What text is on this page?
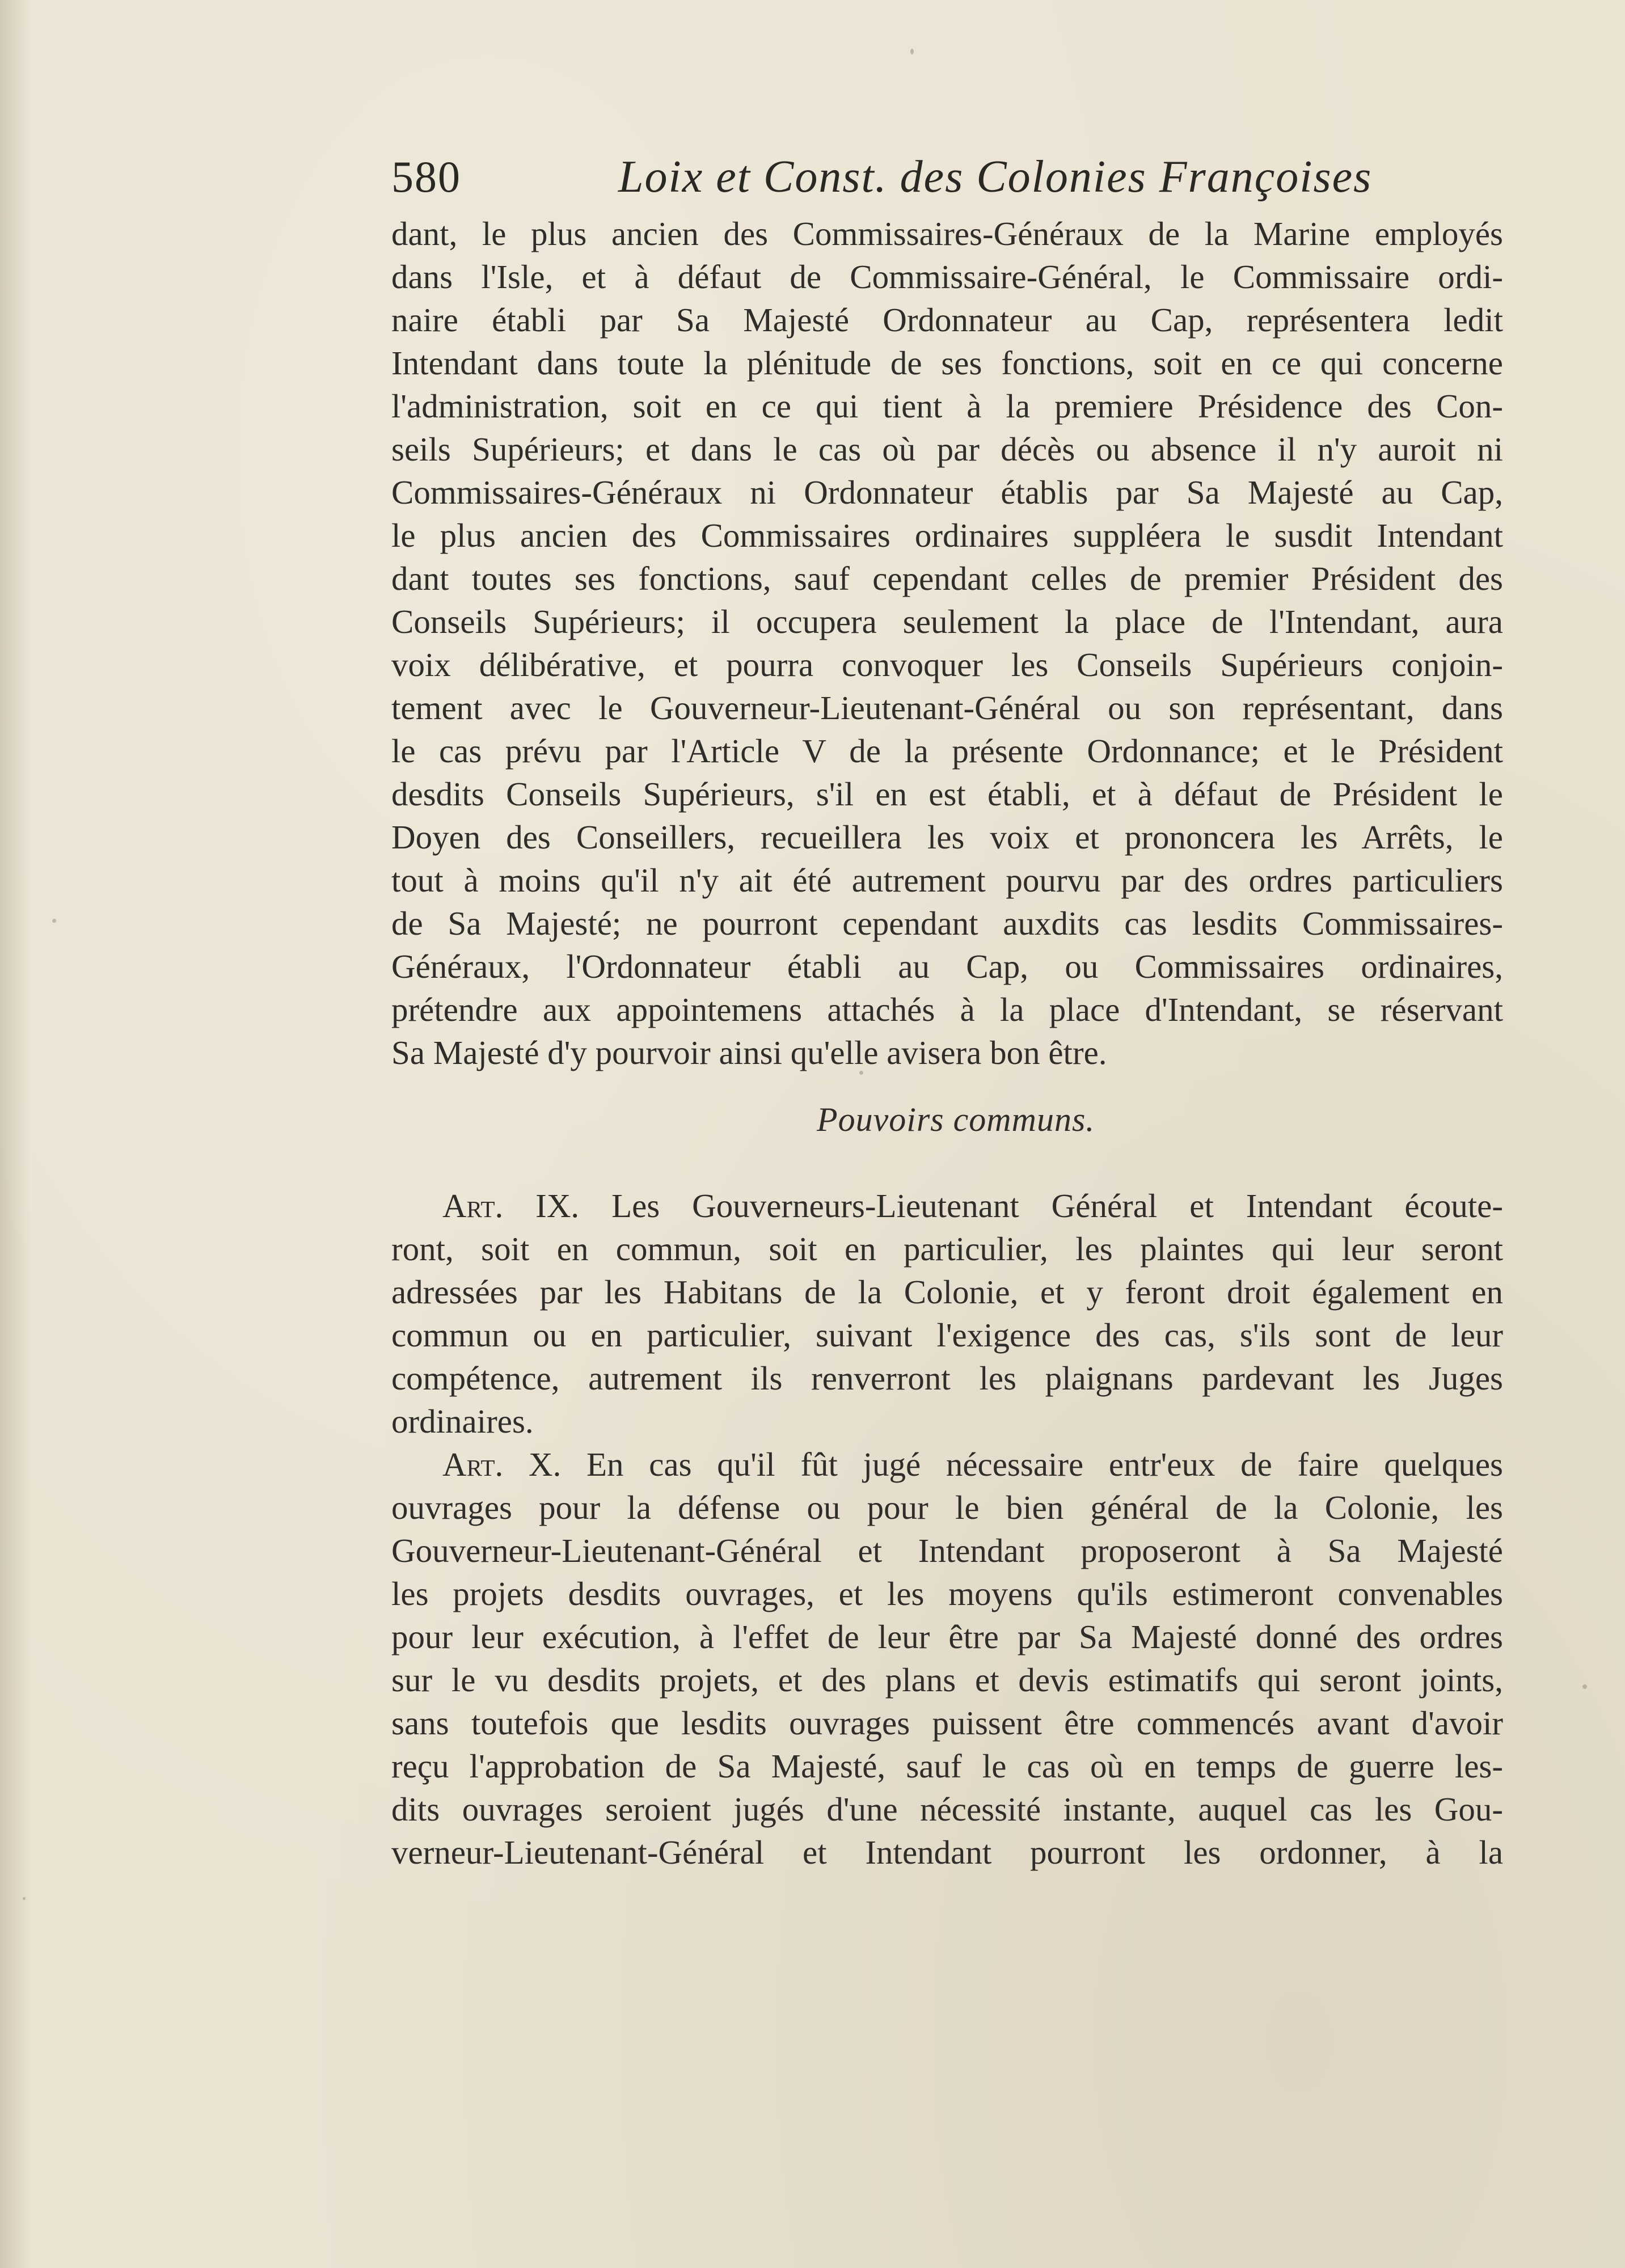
580	Loix et Const. des Colonies Françoises
dant, le plus ancien des Commissaires-Généraux de la Marine employés
dans l'Isle, et à défaut de Commissaire-Général, le Commissaire ordi-
naire établi par Sa Majesté Ordonnateur au Cap, représentera ledit
Intendant dans toute la plénitude de ses fonctions, soit en ce qui concerne
l'administration, soit en ce qui tient à la premiere Présidence des Con-
seils Supérieurs; et dans le cas où par décès ou absence il n'y auroit ni
Commissaires-Généraux ni Ordonnateur établis par Sa Majesté au Cap,
le plus ancien des Commissaires ordinaires suppléera le susdit Intendant
dant toutes ses fonctions, sauf cependant celles de premier Président des
Conseils Supérieurs; il occupera seulement la place de l'Intendant, aura
voix délibérative, et pourra convoquer les Conseils Supérieurs conjoin-
tement avec le Gouverneur-Lieutenant-Général ou son représentant, dans
le cas prévu par l'Article V de la présente Ordonnance; et le Président
desdits Conseils Supérieurs, s'il en est établi, et à défaut de Président le
Doyen des Conseillers, recueillera les voix et prononcera les Arrêts, le
tout à moins qu'il n'y ait été autrement pourvu par des ordres particuliers
de Sa Majesté; ne pourront cependant auxdits cas lesdits Commissaires-
Généraux, l'Ordonnateur établi au Cap, ou Commissaires ordinaires,
prétendre aux appointemens attachés à la place d'Intendant, se réservant
Sa Majesté d'y pourvoir ainsi qu'elle avisera bon être.
Pouvoirs communs.
Art. IX. Les Gouverneurs-Lieutenant Général et Intendant écoute-
ront, soit en commun, soit en particulier, les plaintes qui leur seront
adressées par les Habitans de la Colonie, et y feront droit également en
commun ou en particulier, suivant l'exigence des cas, s'ils sont de leur
compétence, autrement ils renverront les plaignans pardevant les Juges
ordinaires.
Art. X. En cas qu'il fût jugé nécessaire entr'eux de faire quelques
ouvrages pour la défense ou pour le bien général de la Colonie, les
Gouverneur-Lieutenant-Général et Intendant proposeront à Sa Majesté
les projets desdits ouvrages, et les moyens qu'ils estimeront convenables
pour leur exécution, à l'effet de leur être par Sa Majesté donné des ordres
sur le vu desdits projets, et des plans et devis estimatifs qui seront joints,
sans toutefois que lesdits ouvrages puissent être commencés avant d'avoir
reçu l'approbation de Sa Majesté, sauf le cas où en temps de guerre les-
dits ouvrages seroient jugés d'une nécessité instante, auquel cas les Gou-
verneur-Lieutenant-Général et Intendant pourront les ordonner, à la
